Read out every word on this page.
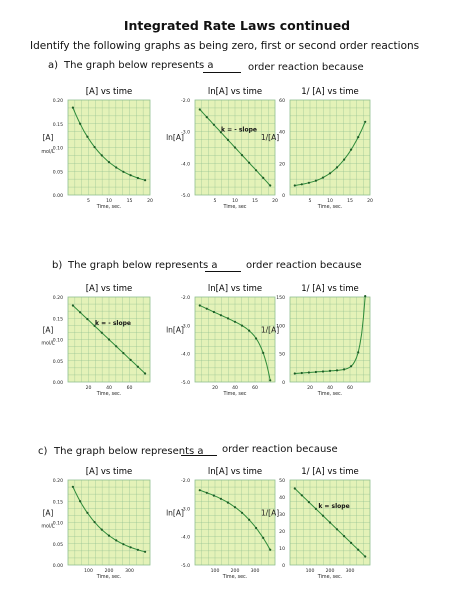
Integrated Rate Laws continued
Identify the following graphs as being zero, first or second order reactions
a) The graph below represents a	order reaction because
b) The graph below represents a	order reaction because
c) The graph below represents a order reaction because
[A] vs time
0.20
0.15
0.10
0.05
0.00
5	10	15	20
Time, sec.
[A]
mol/L
ln[A] vs time
-2.0
-3.0
-4.0
-5.0
5	10	15	20
Time, sec
ln[A]
k = - slope
1/ [A] vs time
60
40
20
0
5	10	15	20
Time, sec.
1/[A]
[A] vs time
0.20
0.15
0.10
0.05
0.00
20	40	60
Time, sec.
[A]
mol/L
k = - slope
ln[A] vs time
-2.0
-3.0
-4.0
-5.0
20	40	60
Time, sec
ln[A]
1/ [A] vs time
150
100
50
0
20	40	60
Time, sec.
1/[A]
[A] vs time
0.20
0.15
0.10
0.05
0.00
100	200	300
Time, sec.
[A]
mol/L
ln[A] vs time
-2.0
-3.0
-4.0
-5.0
100 200 300
Time, sec.
ln[A]
1/ [A] vs time
50
40
30
20
10
0
100 200 300
Time, sec.
1/[A]
k = slope
